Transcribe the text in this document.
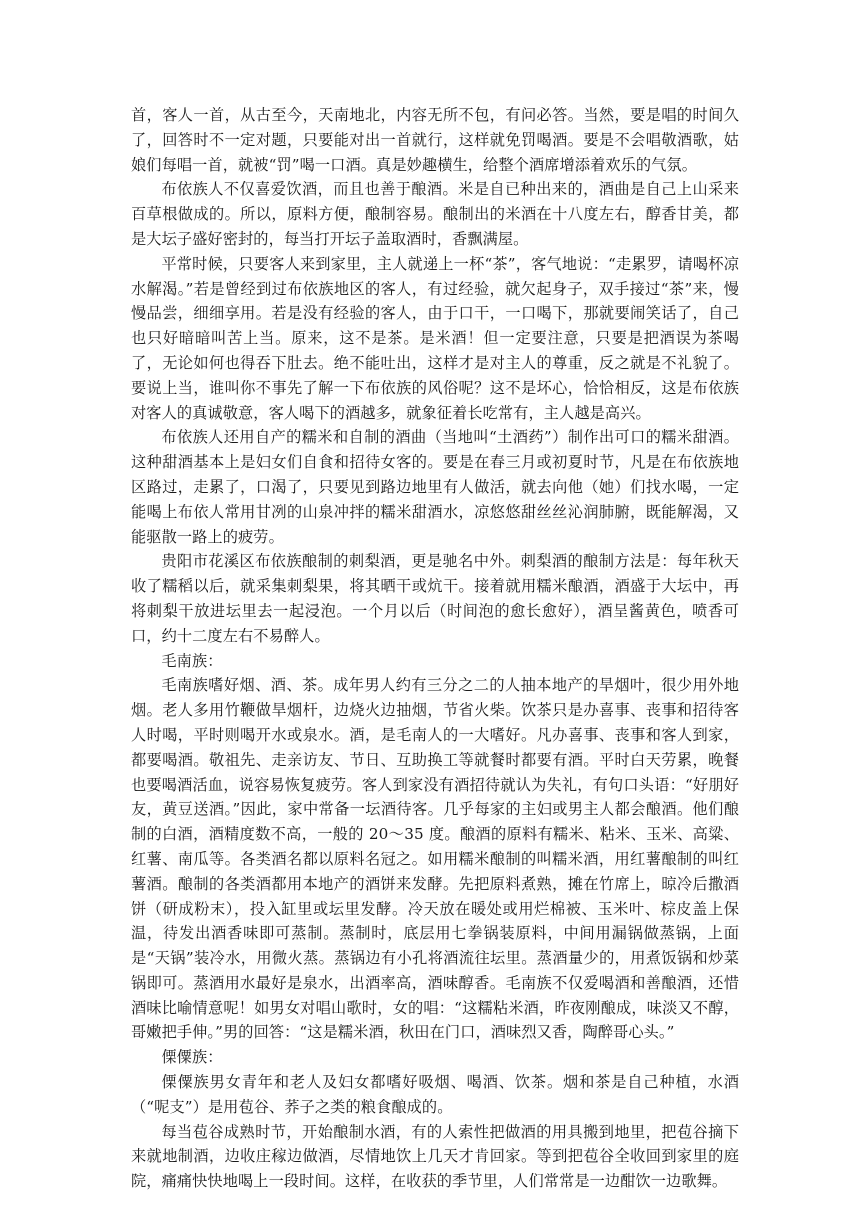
首，客人一首，从古至今，天南地北，内容无所不包，有问必答。当然，要是唱的时间久了，回答时不一定对题，只要能对出一首就行，这样就免罚喝酒。要是不会唱敬酒歌，姑娘们每唱一首，就被“罚”喝一口酒。真是妙趣横生，给整个酒席增添着欢乐的气氛。

布依族人不仅喜爱饮酒，而且也善于酿酒。米是自已种出来的，酒曲是自己上山采来百草根做成的。所以，原料方便，酿制容易。酿制出的米酒在十八度左右，醇香甘美，都是大坛子盛好密封的，每当打开坛子盖取酒时，香飘满屋。

平常时候，只要客人来到家里，主人就递上一杯“茶”，客气地说：“走累罗，请喝杯凉水解渴。”若是曾经到过布依族地区的客人，有过经验，就欠起身子，双手接过“茶”来，慢慢品尝，细细享用。若是没有经验的客人，由于口干，一口喝下，那就要闹笑话了，自己也只好暗暗叫苦上当。原来，这不是茶。是米酒！但一定要注意，只要是把酒误为茶喝了，无论如何也得吞下肚去。绝不能吐出，这样才是对主人的尊重，反之就是不礼貌了。要说上当，谁叫你不事先了解一下布依族的风俗呢？这不是坏心，恰恰相反，这是布依族对客人的真诚敬意，客人喝下的酒越多，就象征着长吃常有，主人越是高兴。

布依族人还用自产的糯米和自制的酒曲（当地叫“土酒药”）制作出可口的糯米甜酒。这种甜酒基本上是妇女们自食和招待女客的。要是在春三月或初夏时节，凡是在布依族地区路过，走累了，口渴了，只要见到路边地里有人做活，就去向他（她）们找水喝，一定能喝上布依人常用甘冽的山泉冲拌的糯米甜酒水，凉悠悠甜丝丝沁润肺腑，既能解渴，又能驱散一路上的疲劳。

贵阳市花溪区布依族酿制的刺梨酒，更是驰名中外。刺梨酒的酿制方法是：每年秋天收了糯稻以后，就采集刺梨果，将其晒干或炕干。接着就用糯米酿酒，酒盛于大坛中，再将刺梨干放进坛里去一起浸泡。一个月以后（时间泡的愈长愈好），酒呈酱黄色，喷香可口，约十二度左右不易醉人。

毛南族：

毛南族嗜好烟、酒、茶。成年男人约有三分之二的人抽本地产的旱烟叶，很少用外地烟。老人多用竹鞭做旱烟杆，边烧火边抽烟，节省火柴。饮茶只是办喜事、丧事和招待客人时喝，平时则喝开水或泉水。酒，是毛南人的一大嗜好。凡办喜事、丧事和客人到家，都要喝酒。敬祖先、走亲访友、节日、互助换工等就餐时都要有酒。平时白天劳累，晚餐也要喝酒活血，说容易恢复疲劳。客人到家没有酒招待就认为失礼，有句口头语：“好朋好友，黄豆送酒。”因此，家中常备一坛酒待客。几乎每家的主妇或男主人都会酿酒。他们酿制的白酒，酒精度数不高，一般的 20～35 度。酿酒的原料有糯米、粘米、玉米、高粱、红薯、南瓜等。各类酒名都以原料名冠之。如用糯米酿制的叫糯米酒，用红薯酿制的叫红薯酒。酿制的各类酒都用本地产的酒饼来发酵。先把原料煮熟，摊在竹席上，晾冷后撒酒饼（研成粉末），投入缸里或坛里发酵。冷天放在暖处或用烂棉被、玉米叶、棕皮盖上保温，待发出酒香味即可蒸制。蒸制时，底层用七拳锅装原料，中间用漏锅做蒸锅，上面是“天锅”装冷水，用微火蒸。蒸锅边有小孔将酒流往坛里。蒸酒量少的，用煮饭锅和炒菜锅即可。蒸酒用水最好是泉水，出酒率高，酒味醇香。毛南族不仅爱喝酒和善酿酒，还惜酒味比喻情意呢！如男女对唱山歌时，女的唱：“这糯粘米酒，昨夜刚酿成，味淡又不醇，哥嫩把手伸。”男的回答：“这是糯米酒，秋田在门口，酒味烈又香，陶醉哥心头。”

傈僳族：

傈僳族男女青年和老人及妇女都嗜好吸烟、喝酒、饮茶。烟和茶是自己种植，水酒（“呢支”）是用苞谷、荞子之类的粮食酿成的。

每当苞谷成熟时节，开始酿制水酒，有的人索性把做酒的用具搬到地里，把苞谷摘下来就地制酒，边收庄稼边做酒，尽情地饮上几天才肯回家。等到把苞谷全收回到家里的庭院，痛痛快快地喝上一段时间。这样，在收获的季节里，人们常常是一边酣饮一边歌舞。
